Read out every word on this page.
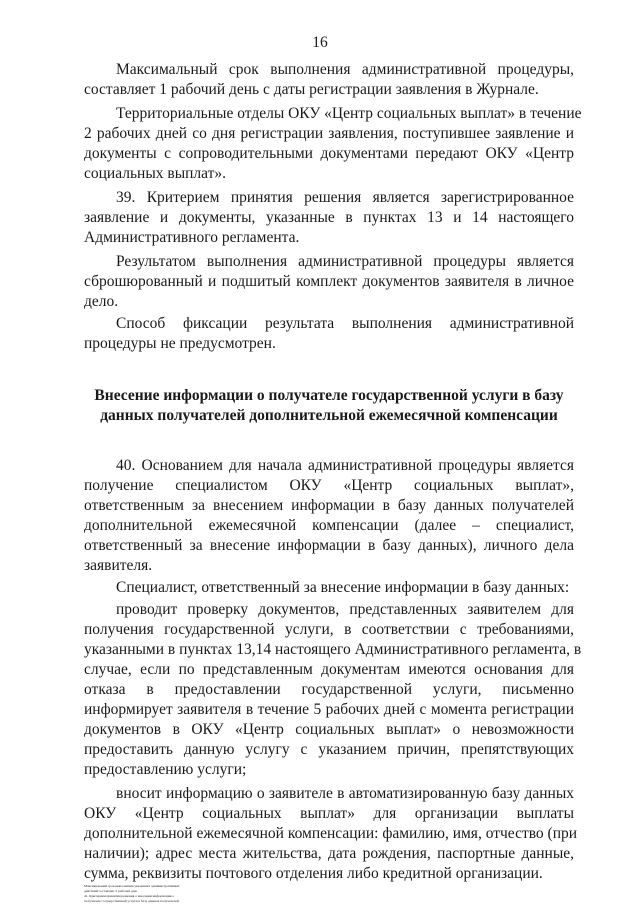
16
Максимальный срок выполнения административной процедуры,
составляет 1 рабочий день с даты регистрации заявления в Журнале.
Территориальные отделы ОКУ «Центр социальных выплат» в течение
2 рабочих дней со дня регистрации заявления, поступившее заявление и
документы с сопроводительными документами передают ОКУ «Центр
социальных выплат».
39. Критерием принятия решения является зарегистрированное
заявление и документы, указанные в пунктах 13 и 14 настоящего
Административного регламента.
Результатом выполнения административной процедуры является
сброшюрованный и подшитый комплект документов заявителя в личное
дело.
Способ фиксации результата выполнения административной
процедуры не предусмотрен.
Внесение информации о получателе государственной услуги в базу
данных получателей дополнительной ежемесячной компенсации
40. Основанием для начала административной процедуры является
получение специалистом ОКУ «Центр социальных выплат»,
ответственным за внесением информации в базу данных получателей
дополнительной ежемесячной компенсации (далее – специалист,
ответственный за внесение информации в базу данных), личного дела
заявителя.
Специалист, ответственный за внесение информации в базу данных:
проводит проверку документов, представленных заявителем для
получения государственной услуги, в соответствии с требованиями,
указанными в пунктах 13,14 настоящего Административного регламента, в
случае, если по представленным документам имеются основания для
отказа в предоставлении государственной услуги, письменно
информирует заявителя в течение 5 рабочих дней с момента регистрации
документов в ОКУ «Центр социальных выплат» о невозможности
предоставить данную услугу с указанием причин, препятствующих
предоставлению услуги;
вносит информацию о заявителе в автоматизированную базу данных
ОКУ «Центр социальных выплат» для организации выплаты
дополнительной ежемесячной компенсации: фамилию, имя, отчество (при
наличии); адрес места жительства, дата рождения, паспортные данные,
сумма, реквизиты почтового отделения либо кредитной организации.
Максимальный срок выполнения указанных административных
действий составляет 2 рабочих дня.
41. Критерием принятия решения о внесении информации о
получателе государственной услуги в базу данных получателей
